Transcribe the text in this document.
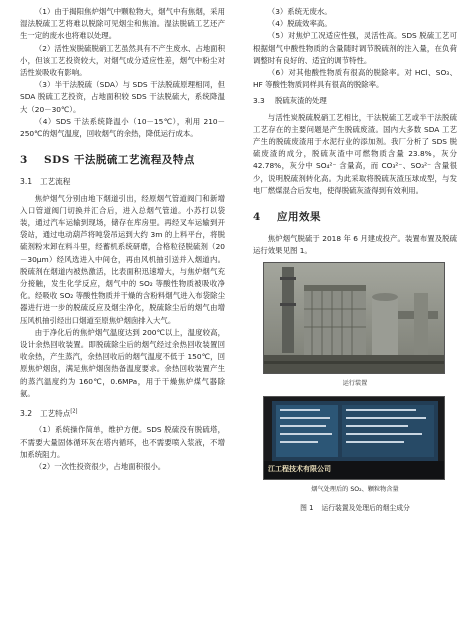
（1）由于揭阳焦炉烟气中颗粒物大，烟气中有焦烟，采用湿法脱硫工艺将难以脱除可见烟尘和焦油。湿法脱硫工艺还产生一定的废水也将难以处理。

（2）活性炭脱硫脱硝工艺虽然具有不产生废水、占地面积小，但该工艺投资较大，对烟气成分适应性差，烟气中粉尘对活性炭吸收有影响。

（3）半干法脱硫（SDA）与 SDS 干法脱硫原理相同，但 SDA 脱硫工艺投资，占地面积较 SDS 干法脱硫大，系统降温大（20－30℃）。

（4）SDS 干法系统降温小（10－15℃），利用 210－250℃的烟气温度，回收烟气的余热，降低运行成本。

3 SDS 干法脱硫工艺流程及特点
3.1 工艺流程

焦炉烟气分别由地下烟道引出，经原烟气管道阀门和新增入口管道阀门切换并汇合后，进入总烟气管道。小苏打以袋装，通过汽车运输到现场，储存在库房里。再经叉车运输到开袋站，通过电动葫芦将吨袋吊运到大约 3m 的上料平台，将脱硫剂粉末卸在料斗里，经蓄机系统研磨，合格粒径脱硫剂（20－30μm）经风选进入中间仓，再由风机抽引送并入烟道内。脱硫剂在烟道内被热激活，比表面积迅速增大，与焦炉烟气充分接触，发生化学反应，烟气中的 SO₂ 等酸性物质被吸收净化。经吸收 SO₂ 等酸性物质并干燥的含粉料烟气进入布袋除尘器进行进一步的脱硫反应及烟尘净化，脱硫除尘后的烟气由增压风机抽引经出口烟道至原焦炉烟囱排入大气。

由于净化后的焦炉烟气温度达到 200℃以上，温度较高，设计余热回收装置。即脱硫除尘后的烟气经过余热回收装置回收余热，产生蒸汽，余热回收后的烟气温度不低于 150℃，回原焦炉烟囱，满足焦炉烟囱热备温度要求。余热回收装置产生的蒸汽温度约为 160℃，0.6MPa，用于干燥焦炉煤气器除氨。

3.2 工艺特点[2]

（1）系统操作简单，维护方便。SDS 脱硫没有脱硫塔，不需要大量固体循环灰在塔内循环，也不需要喷入浆液，不增加系统阻力。

（2）一次性投资很少，占地面积很小。

（3）系统无废水。

（4）脱硫效率高。

（5）对焦炉工况适应性强，灵活性高。SDS 脱硫工艺可根据烟气中酸性物质的含量随时调节脱硫剂的注入量，在负荷调整时有良好的、适宜的调节特性。

（6）对其他酸性物质有很高的脱除率。对 HCl、SO₃、HF 等酸性物质同样具有很高的脱除率。

3.3 脱硫灰渣的处理

与活性炭脱硫脱硝工艺相比，干法脱硫工艺或半干法脱硫工艺存在的主要问题是产生脱硫废渣。国内大多数 SDA 工艺产生的脱硫废渣用于水泥行业的添加剂。我厂分析了 SDS 脱硫废渣的成分，脱硫灰渣中可燃物质含量 23.8%，灰分 42.78%，灰分中 SO₄²⁻ 含量高，而 CO₃²⁻、SO₃²⁻ 含量很少，说明脱硫剂转化高。为此采取将脱硫灰渣压球成型，与发电厂燃煤混合后发电，使得脱硫灰渣得到有效利用。

4 应用效果

焦炉烟气脱硫于 2018 年 6 月建成投产。装置布置及脱硫运行效果见图 1。

运行装置
江工程技术有限公司
烟气处理后的 SO₂、颗粒物含量
图 1 运行装置及处理后的烟尘成分
